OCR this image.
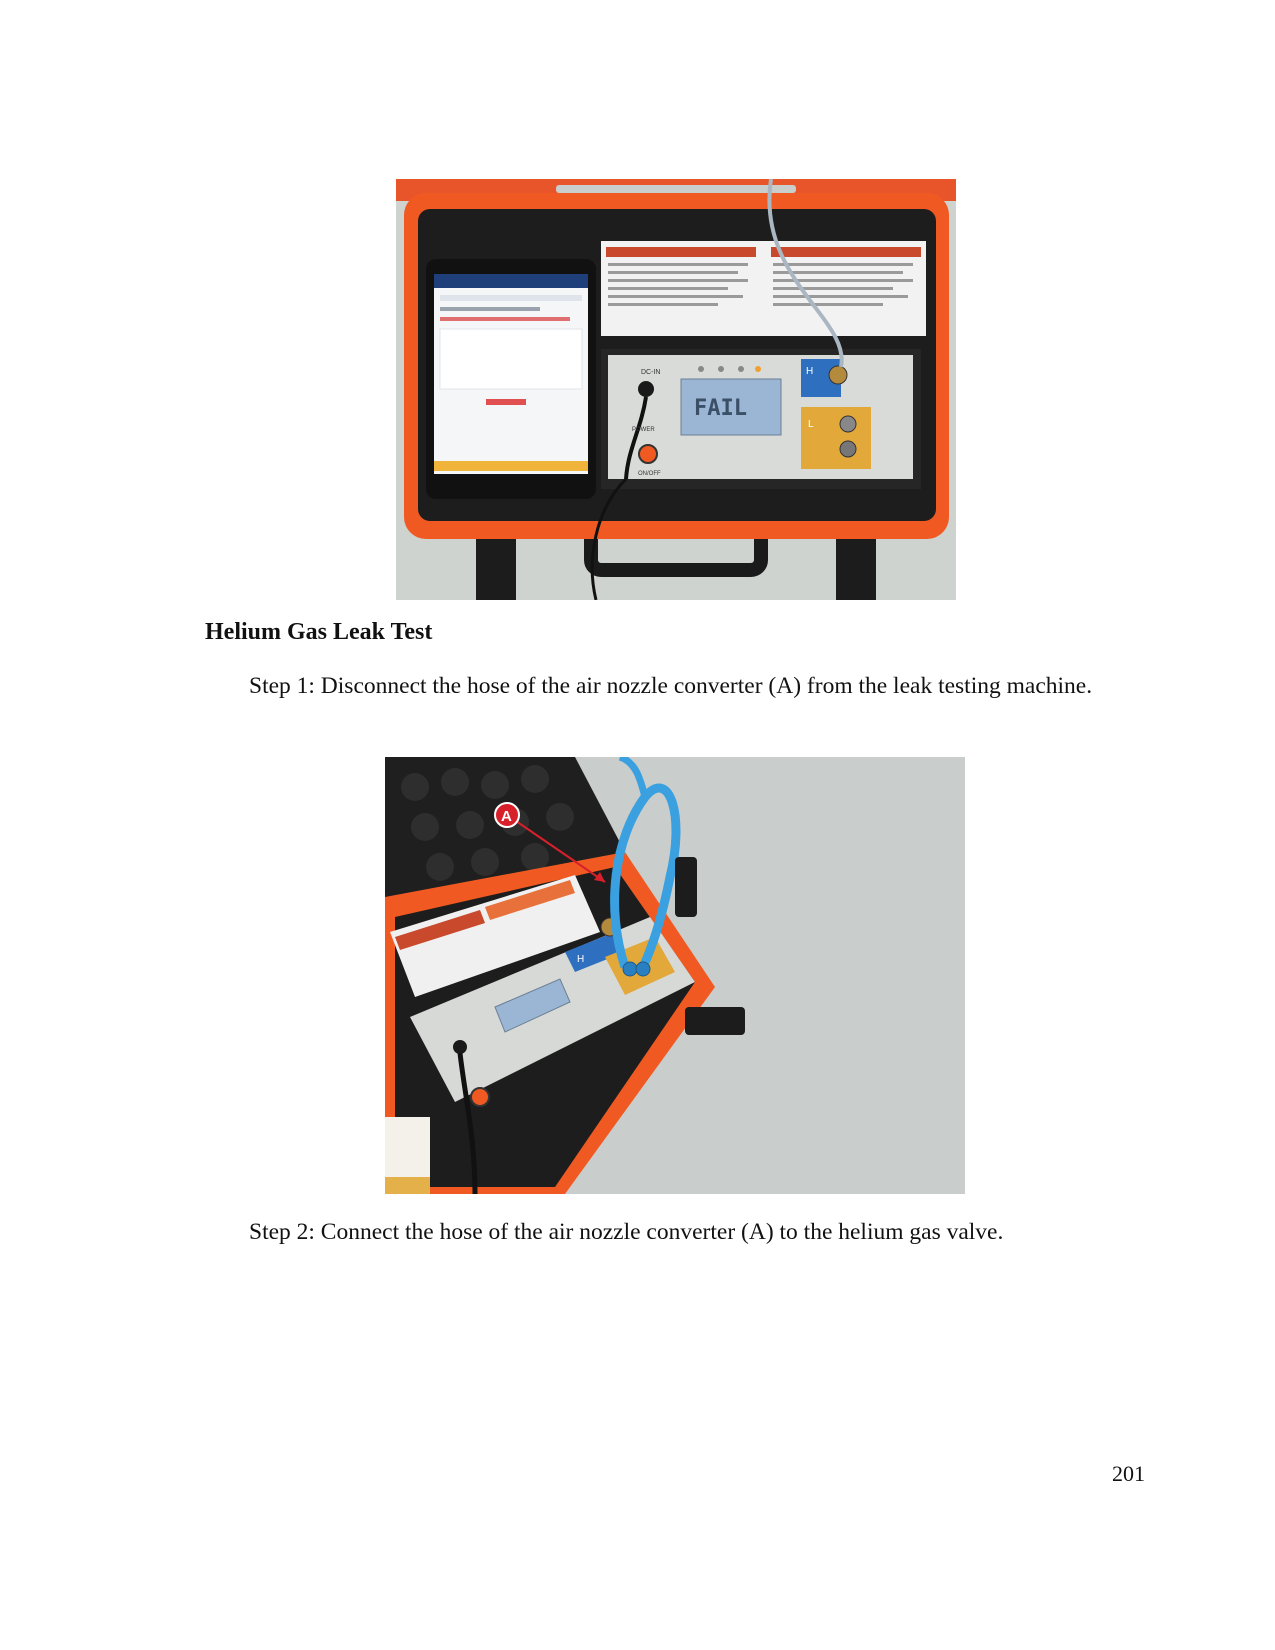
DC-IN
POWER
ON/OFF
FAIL
H
L
Helium Gas Leak Test

Step 1: Disconnect the hose of the air nozzle converter (A) from the leak testing machine.

H
A

Step 2: Connect the hose of the air nozzle converter (A) to the helium gas valve.

201
